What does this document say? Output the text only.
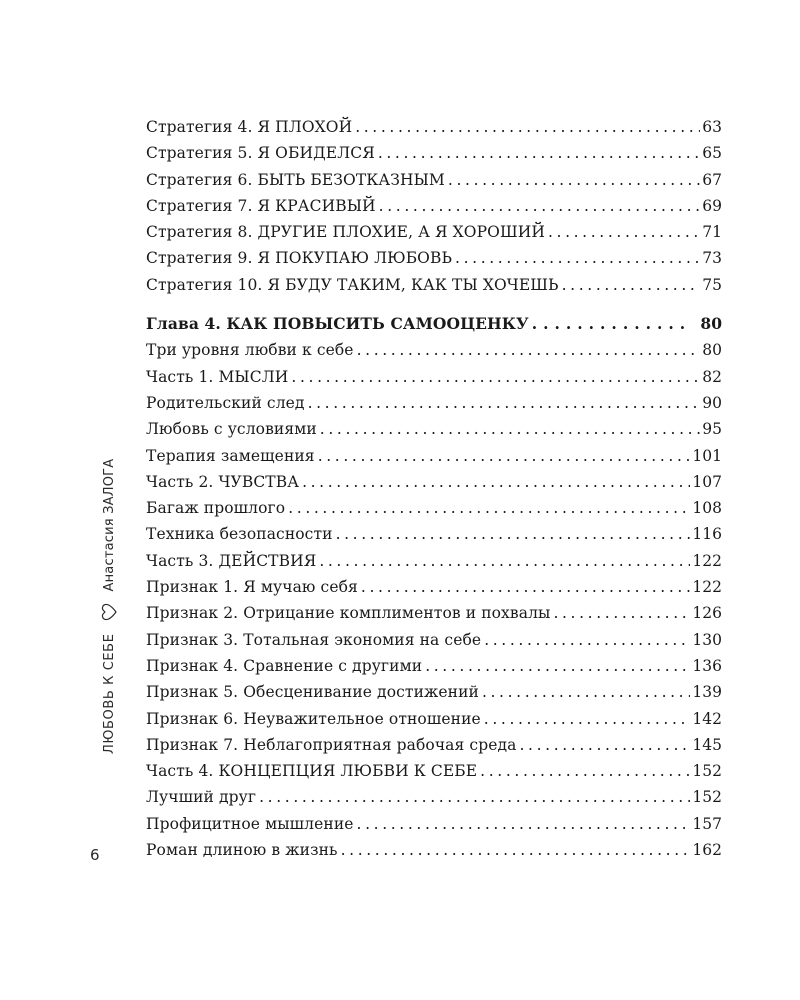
Стратегия 4. Я ПЛОХОЙ . . .	63
Стратегия 5. Я ОБИДЕЛСЯ . . .	65
Стратегия 6. БЫТЬ БЕЗОТКАЗНЫМ . . .	67
Стратегия 7. Я КРАСИВЫЙ . . .	69
Стратегия 8. ДРУГИЕ ПЛОХИЕ, А Я ХОРОШИЙ . . .	71
Стратегия 9. Я ПОКУПАЮ ЛЮБОВЬ . . .	73
Стратегия 10. Я БУДУ ТАКИМ, КАК ТЫ ХОЧЕШЬ . . .	75
Глава 4. КАК ПОВЫСИТЬ САМООЦЕНКУ . . .	80
Три уровня любви к себе . . .	80
Часть 1. МЫСЛИ . . .	82
Родительский след . . .	90
Любовь с условиями . . .	95
Терапия замещения . . .	101
Часть 2. ЧУВСТВА . . .	107
Багаж прошлого . . .	108
Техника безопасности . . .	116
Часть 3. ДЕЙСТВИЯ . . .	122
Признак 1. Я мучаю себя . . .	122
Признак 2. Отрицание комплиментов и похвалы . . .	126
Признак 3. Тотальная экономия на себе . . .	130
Признак 4. Сравнение с другими . . .	136
Признак 5. Обесценивание достижений . . .	139
Признак 6. Неуважительное отношение . . .	142
Признак 7. Неблагоприятная рабочая среда . . .	145
Часть 4. КОНЦЕПЦИЯ ЛЮБВИ К СЕБЕ . . .	152
Лучший друг . . .	152
Профицитное мышление . . .	157
Роман длиною в жизнь . . .	162
ЛЮБОВЬ К СЕБЕ
Анастасия ЗАЛОГА
6
